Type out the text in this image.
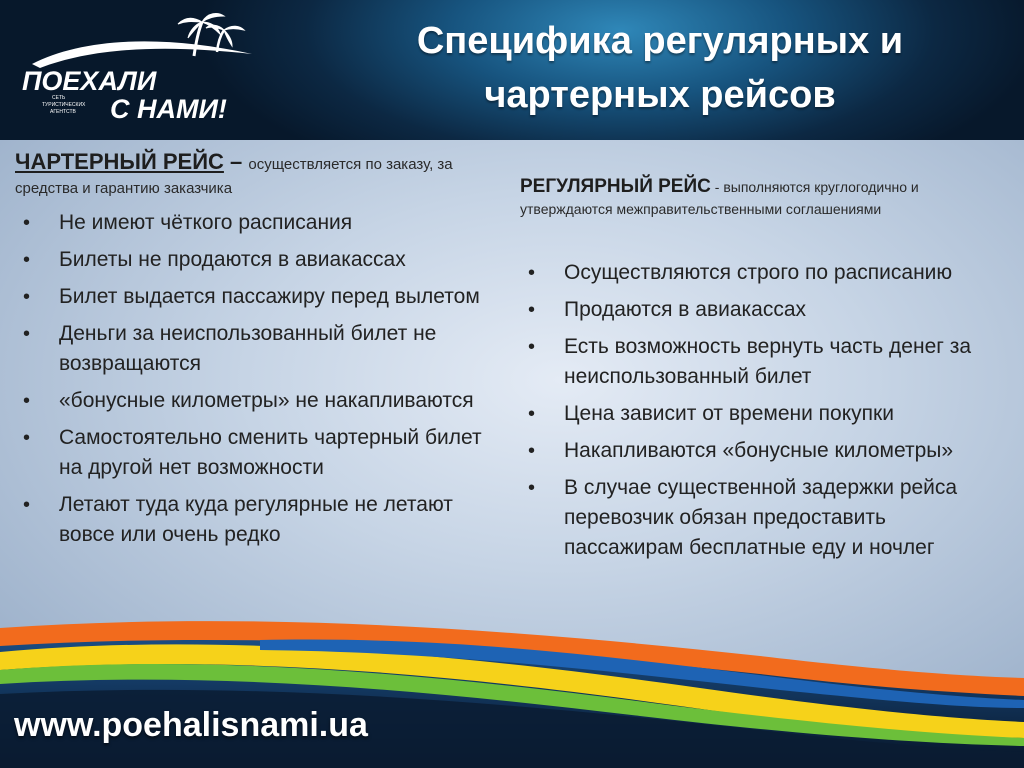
ПОЕХАЛИ
С НАМИ!
СЕТЬ
ТУРИСТИЧЕСКИХ
АГЕНТСТВ
Специфика регулярных и
чартерных рейсов
www.poehalisnami.ua
ЧАРТЕРНЫЙ РЕЙС – осуществляется по заказу, за средства и гарантию заказчика
• Не имеют чёткого расписания
• Билеты не продаются в авиакассах
• Билет выдается пассажиру перед вылетом
• Деньги за неиспользованный билет не возвращаются
• «бонусные километры» не накапливаются
• Самостоятельно сменить чартерный билет на другой нет возможности
• Летают туда куда регулярные не летают вовсе или очень редко
РЕГУЛЯРНЫЙ РЕЙС - выполняются круглогодично и утверждаются межправительственными соглашениями
• Осуществляются строго по расписанию
• Продаются в авиакассах
• Есть возможность вернуть часть денег за неиспользованный билет
• Цена зависит от времени покупки
• Накапливаются «бонусные километры»
• В случае существенной задержки рейса перевозчик обязан предоставить пассажирам бесплатные еду и ночлег
